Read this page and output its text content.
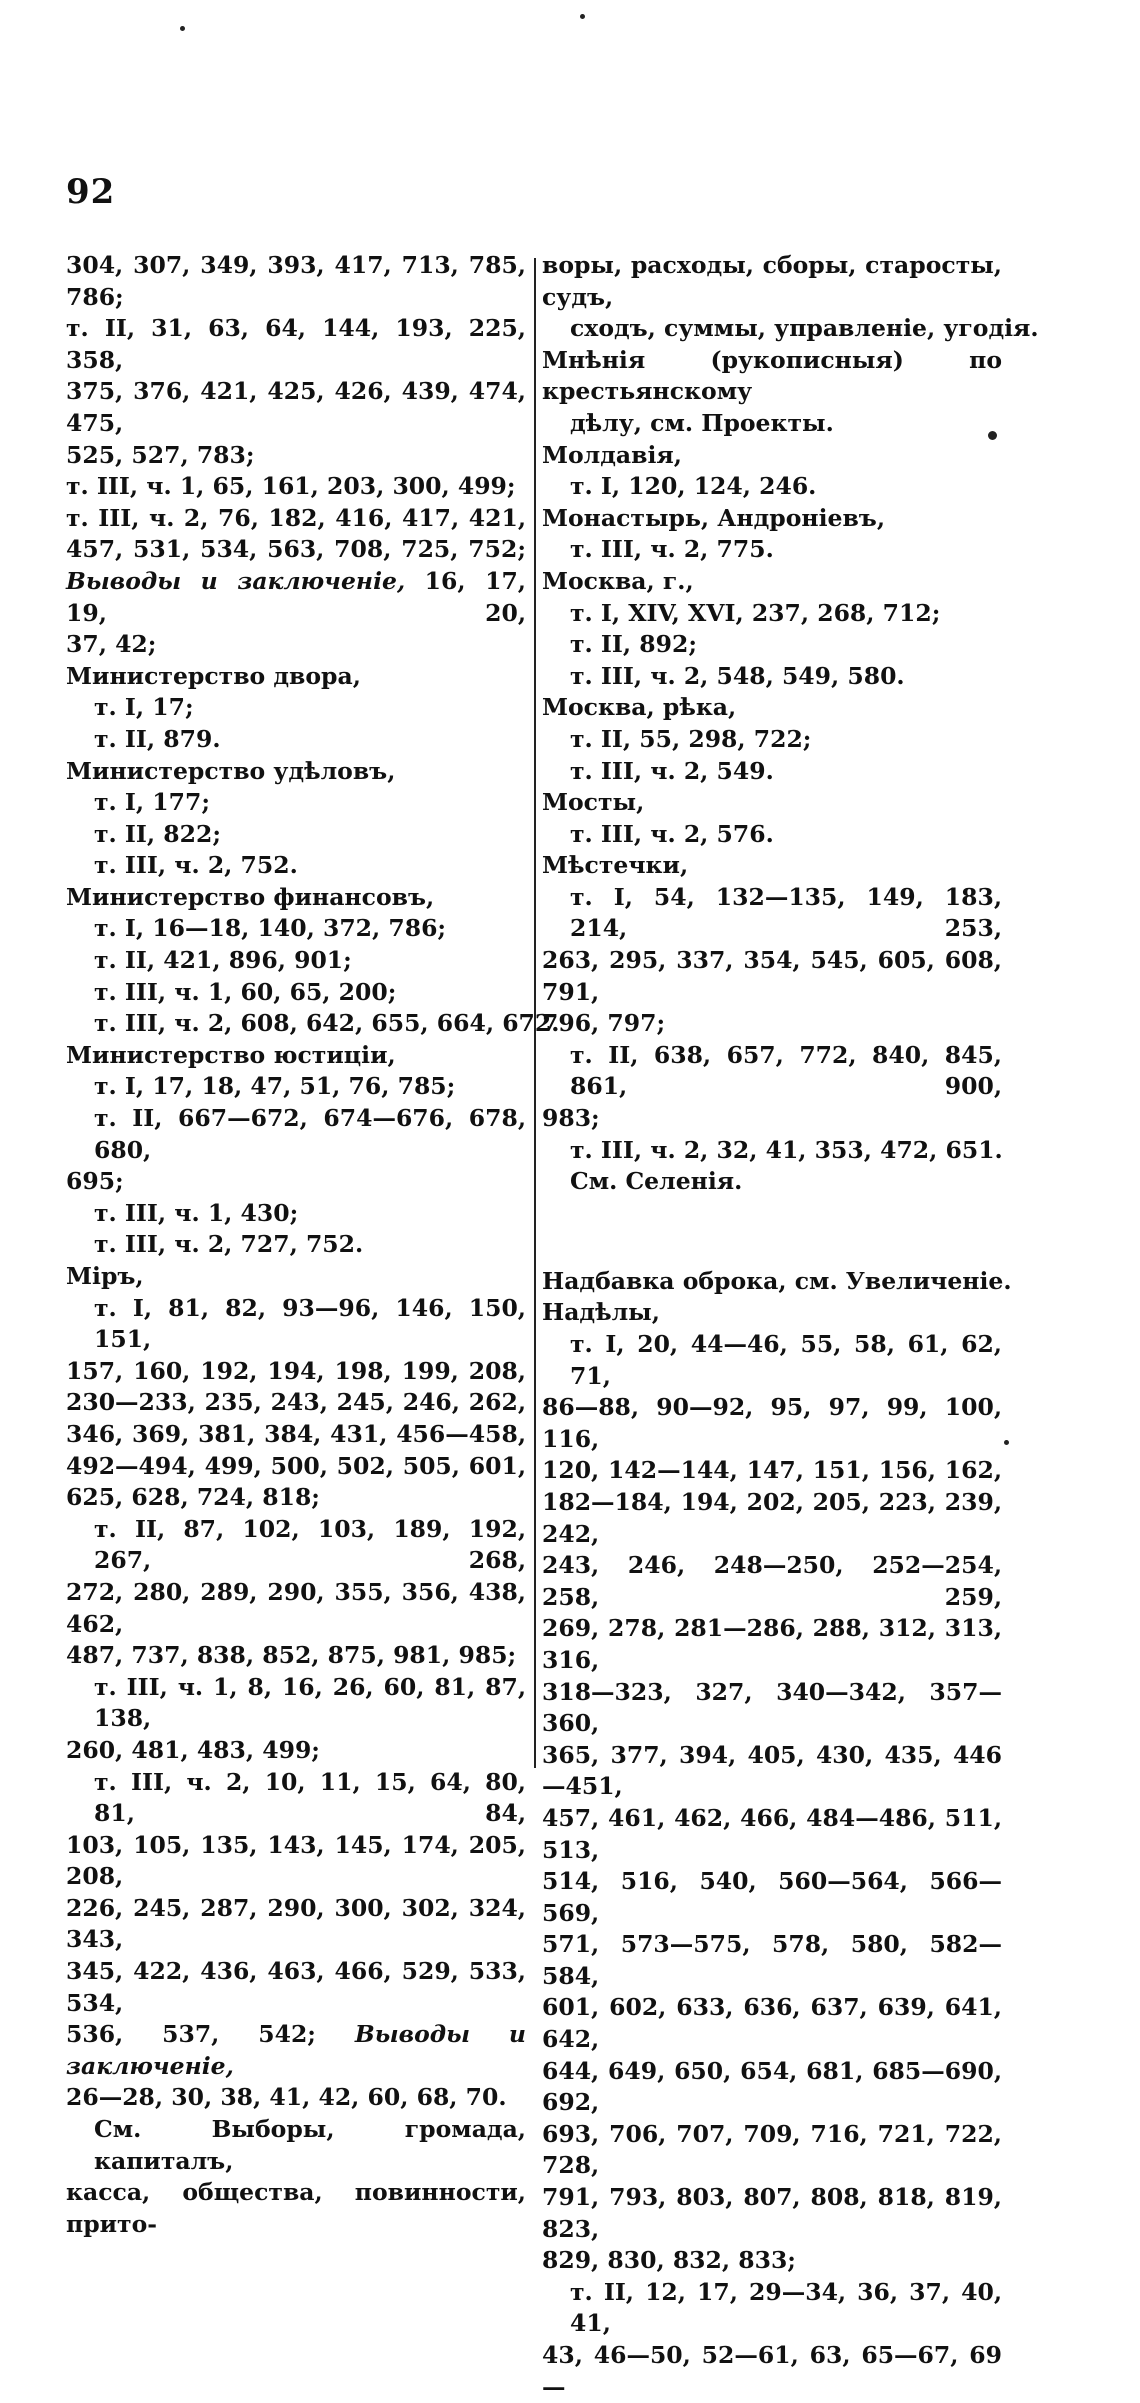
92
304, 307, 349, 393, 417, 713, 785, 786;
т. II, 31, 63, 64, 144, 193, 225, 358,
375, 376, 421, 425, 426, 439, 474, 475,
525, 527, 783;
т. III, ч. 1, 65, 161, 203, 300, 499;
т. III, ч. 2, 76, 182, 416, 417, 421,
457, 531, 534, 563, 708, 725, 752;
Выводы и заключеніе, 16, 17, 19, 20,
37, 42;
Министерство двора,
т. I, 17;
т. II, 879.
Министерство удѣловъ,
т. I, 177;
т. II, 822;
т. III, ч. 2, 752.
Министерство финансовъ,
т. I, 16—18, 140, 372, 786;
т. II, 421, 896, 901;
т. III, ч. 1, 60, 65, 200;
т. III, ч. 2, 608, 642, 655, 664, 672.
Министерство юстиціи,
т. I, 17, 18, 47, 51, 76, 785;
т. II, 667—672, 674—676, 678, 680,
695;
т. III, ч. 1, 430;
т. III, ч. 2, 727, 752.
Міръ,
т. I, 81, 82, 93—96, 146, 150, 151,
157, 160, 192, 194, 198, 199, 208,
230—233, 235, 243, 245, 246, 262,
346, 369, 381, 384, 431, 456—458,
492—494, 499, 500, 502, 505, 601,
625, 628, 724, 818;
т. II, 87, 102, 103, 189, 192, 267, 268,
272, 280, 289, 290, 355, 356, 438, 462,
487, 737, 838, 852, 875, 981, 985;
т. III, ч. 1, 8, 16, 26, 60, 81, 87, 138,
260, 481, 483, 499;
т. III, ч. 2, 10, 11, 15, 64, 80, 81, 84,
103, 105, 135, 143, 145, 174, 205, 208,
226, 245, 287, 290, 300, 302, 324, 343,
345, 422, 436, 463, 466, 529, 533, 534,
536, 537, 542; Выводы и заключеніе,
26—28, 30, 38, 41, 42, 60, 68, 70.
См. Выборы, громада, капиталъ,
касса, общества, повинности, прито-
воры, расходы, сборы, старосты, судъ,
сходъ, суммы, управленіе, угодія.
Мнѣнія (рукописныя) по крестьянскому
дѣлу, см. Проекты.
Молдавія,
т. I, 120, 124, 246.
Монастырь, Андроніевъ,
т. III, ч. 2, 775.
Москва, г.,
т. I, XIV, XVI, 237, 268, 712;
т. II, 892;
т. III, ч. 2, 548, 549, 580.
Москва, рѣка,
т. II, 55, 298, 722;
т. III, ч. 2, 549.
Мосты,
т. III, ч. 2, 576.
Мѣстечки,
т. I, 54, 132—135, 149, 183, 214, 253,
263, 295, 337, 354, 545, 605, 608, 791,
796, 797;
т. II, 638, 657, 772, 840, 845, 861, 900,
983;
т. III, ч. 2, 32, 41, 353, 472, 651.
См. Селенія.
Надбавка оброка, см. Увеличеніе.
Надѣлы,
т. I, 20, 44—46, 55, 58, 61, 62, 71,
86—88, 90—92, 95, 97, 99, 100, 116,
120, 142—144, 147, 151, 156, 162,
182—184, 194, 202, 205, 223, 239, 242,
243, 246, 248—250, 252—254, 258, 259,
269, 278, 281—286, 288, 312, 313, 316,
318—323, 327, 340—342, 357—360,
365, 377, 394, 405, 430, 435, 446—451,
457, 461, 462, 466, 484—486, 511, 513,
514, 516, 540, 560—564, 566—569,
571, 573—575, 578, 580, 582—584,
601, 602, 633, 636, 637, 639, 641, 642,
644, 649, 650, 654, 681, 685—690, 692,
693, 706, 707, 709, 716, 721, 722, 728,
791, 793, 803, 807, 808, 818, 819, 823,
829, 830, 832, 833;
т. II, 12, 17, 29—34, 36, 37, 40, 41,
43, 46—50, 52—61, 63, 65—67, 69—
